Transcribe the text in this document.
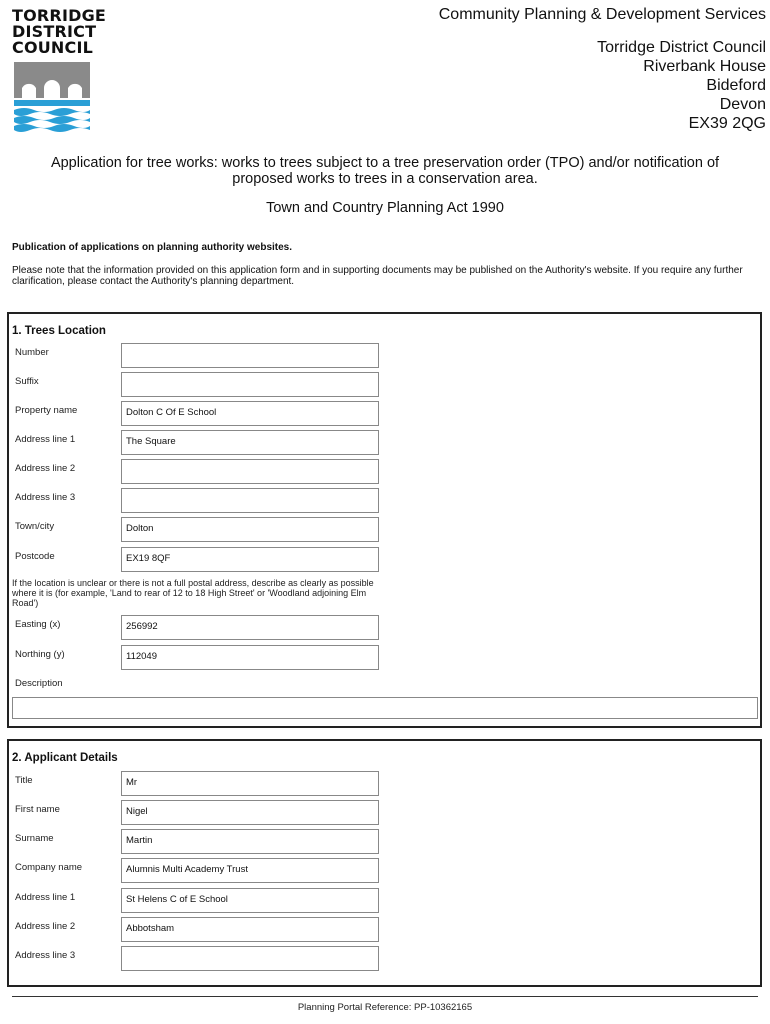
TORRIDGE
DISTRICT
COUNCIL
Community Planning & Development Services
Torridge District Council
Riverbank House
Bideford
Devon
EX39 2QG
Application for tree works: works to trees subject to a tree preservation order (TPO) and/or notification of
proposed works to trees in a conservation area.
Town and Country Planning Act 1990
Publication of applications on planning authority websites.
Please note that the information provided on this application form and in supporting documents may be published on the Authority's website. If you require any further clarification, please contact the Authority's planning department.
1. Trees Location
Number
Suffix
Property name	Dolton C Of E School
Address line 1	The Square
Address line 2
Address line 3
Town/city	Dolton
Postcode	EX19 8QF
If the location is unclear or there is not a full postal address, describe as clearly as possible where it is (for example, 'Land to rear of 12 to 18 High Street' or 'Woodland adjoining Elm Road')
Easting (x)	256992
Northing (y)	112049
Description
2. Applicant Details
Title	Mr
First name	Nigel
Surname	Martin
Company name	Alumnis Multi Academy Trust
Address line 1	St Helens C of E School
Address line 2	Abbotsham
Address line 3
Planning Portal Reference: PP-10362165
